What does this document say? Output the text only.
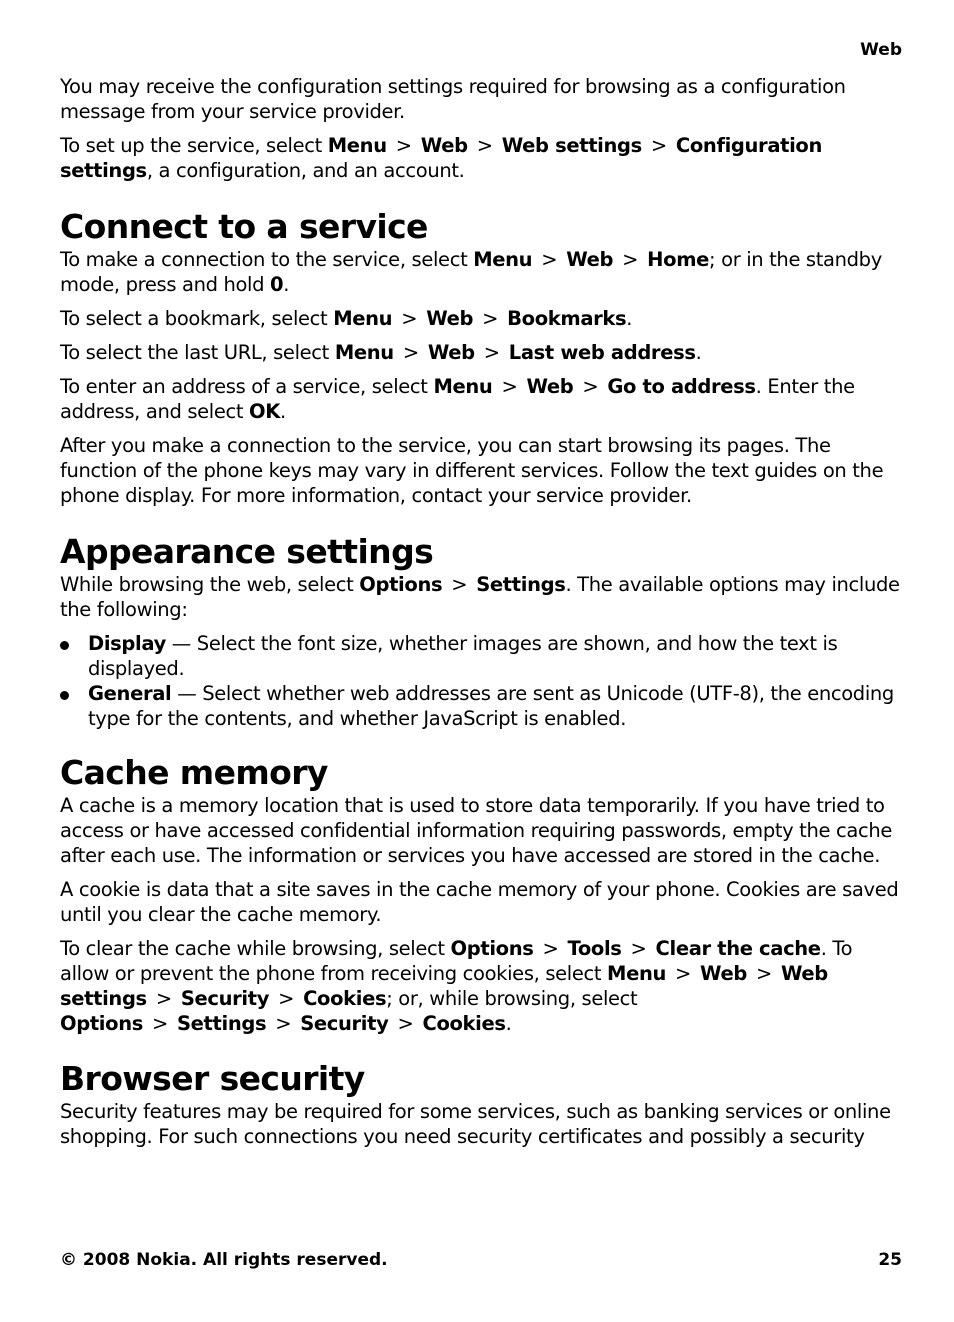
Web

You may receive the configuration settings required for browsing as a configuration message from your service provider.

To set up the service, select Menu > Web > Web settings > Configuration settings, a configuration, and an account.

Connect to a service

To make a connection to the service, select Menu > Web > Home; or in the standby mode, press and hold 0.

To select a bookmark, select Menu > Web > Bookmarks.

To select the last URL, select Menu > Web > Last web address.

To enter an address of a service, select Menu > Web > Go to address. Enter the address, and select OK.

After you make a connection to the service, you can start browsing its pages. The function of the phone keys may vary in different services. Follow the text guides on the phone display. For more information, contact your service provider.

Appearance settings

While browsing the web, select Options > Settings. The available options may include the following:

Display — Select the font size, whether images are shown, and how the text is displayed.
General — Select whether web addresses are sent as Unicode (UTF-8), the encoding type for the contents, and whether JavaScript is enabled.
Cache memory

A cache is a memory location that is used to store data temporarily. If you have tried to access or have accessed confidential information requiring passwords, empty the cache after each use. The information or services you have accessed are stored in the cache.

A cookie is data that a site saves in the cache memory of your phone. Cookies are saved until you clear the cache memory.

To clear the cache while browsing, select Options > Tools > Clear the cache. To allow or prevent the phone from receiving cookies, select Menu > Web > Web settings > Security > Cookies; or, while browsing, select Options > Settings > Security > Cookies.

Browser security

Security features may be required for some services, such as banking services or online shopping. For such connections you need security certificates and possibly a security

© 2008 Nokia. All rights reserved.	25
